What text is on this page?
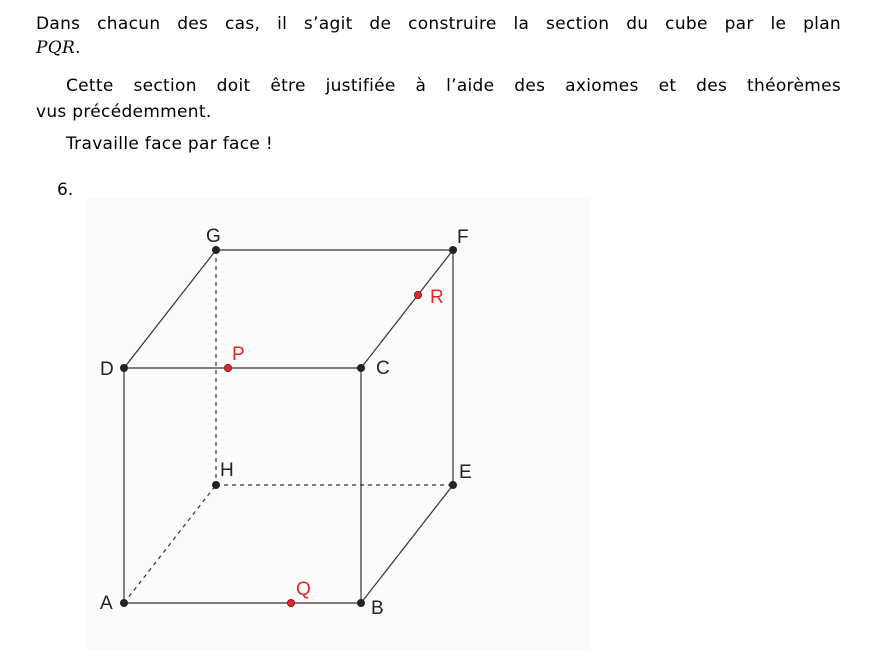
Dans chacun des cas, il s’agit de construire la section du cube par le plan

PQR.

Cette section doit être justifiée à l’aide des axiomes et des théorèmes

vus précédemment.

Travaille face par face !

6.
A	B
C
D
E
F
G
H
P
Q
R
